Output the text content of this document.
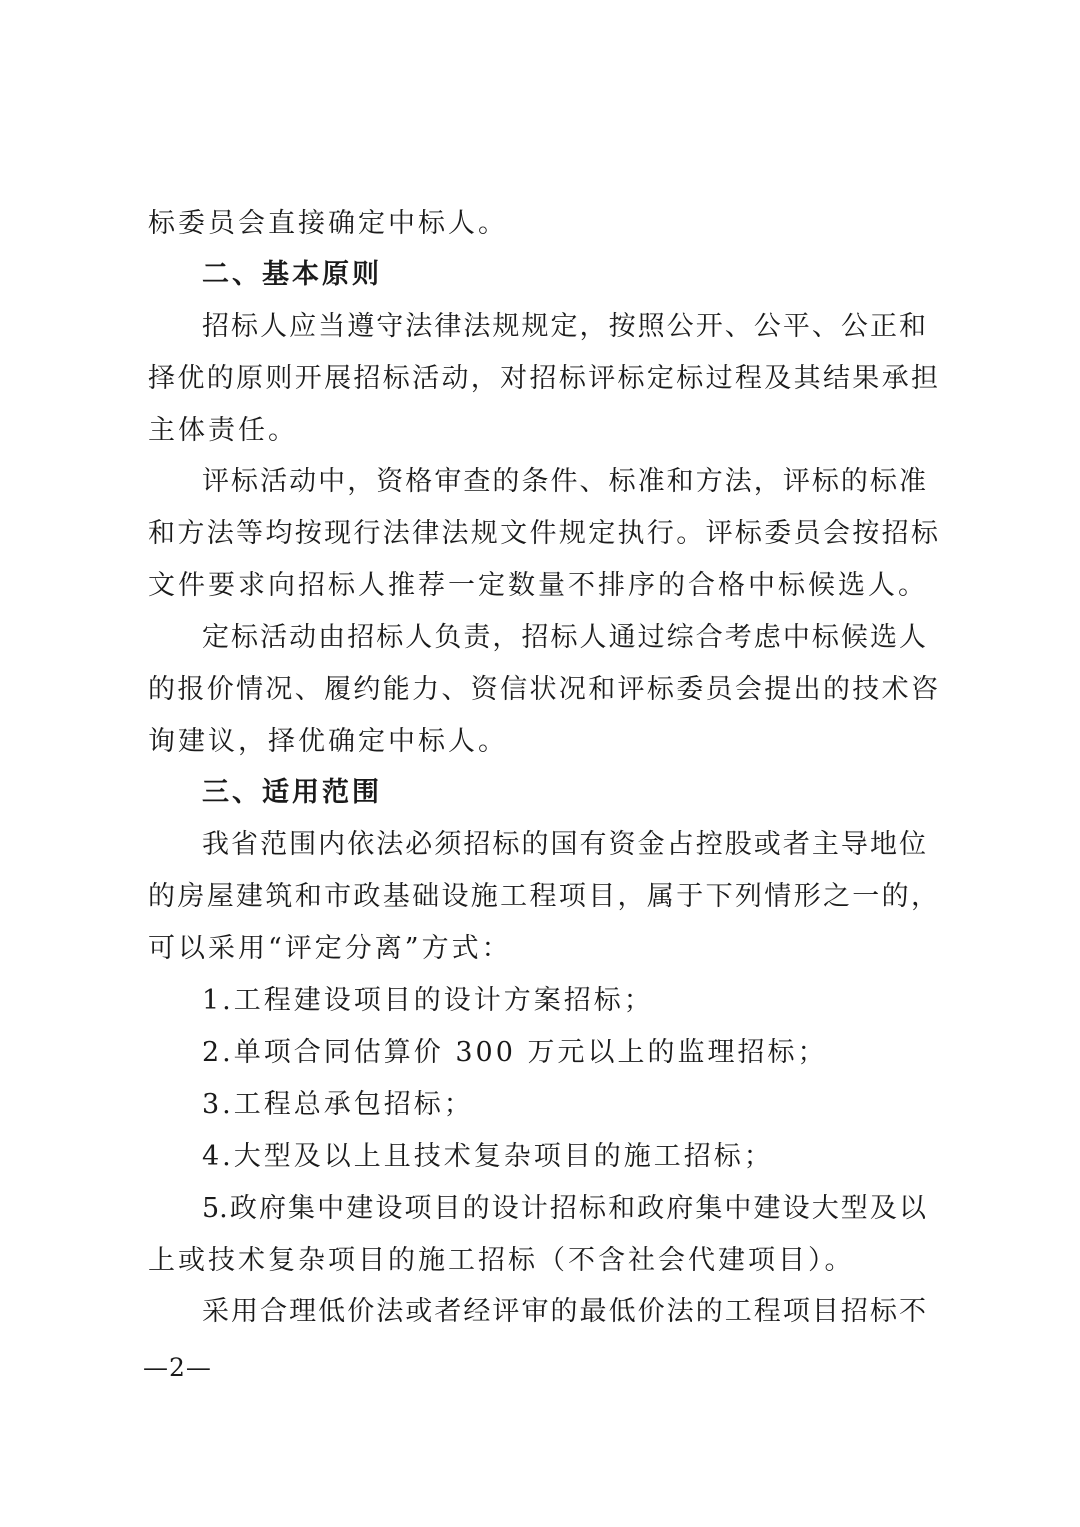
标委员会直接确定中标人。
二、基本原则
招标人应当遵守法律法规规定，按照公开、公平、公正和
择优的原则开展招标活动，对招标评标定标过程及其结果承担
主体责任。
评标活动中，资格审查的条件、标准和方法，评标的标准
和方法等均按现行法律法规文件规定执行。评标委员会按招标
文件要求向招标人推荐一定数量不排序的合格中标候选人。
定标活动由招标人负责，招标人通过综合考虑中标候选人
的报价情况、履约能力、资信状况和评标委员会提出的技术咨
询建议，择优确定中标人。
三、适用范围
我省范围内依法必须招标的国有资金占控股或者主导地位
的房屋建筑和市政基础设施工程项目，属于下列情形之一的，
可以采用“评定分离”方式：
1.工程建设项目的设计方案招标；
2.单项合同估算价 300 万元以上的监理招标；
3.工程总承包招标；
4.大型及以上且技术复杂项目的施工招标；
5.政府集中建设项目的设计招标和政府集中建设大型及以
上或技术复杂项目的施工招标（不含社会代建项目）。
采用合理低价法或者经评审的最低价法的工程项目招标不
—2—
